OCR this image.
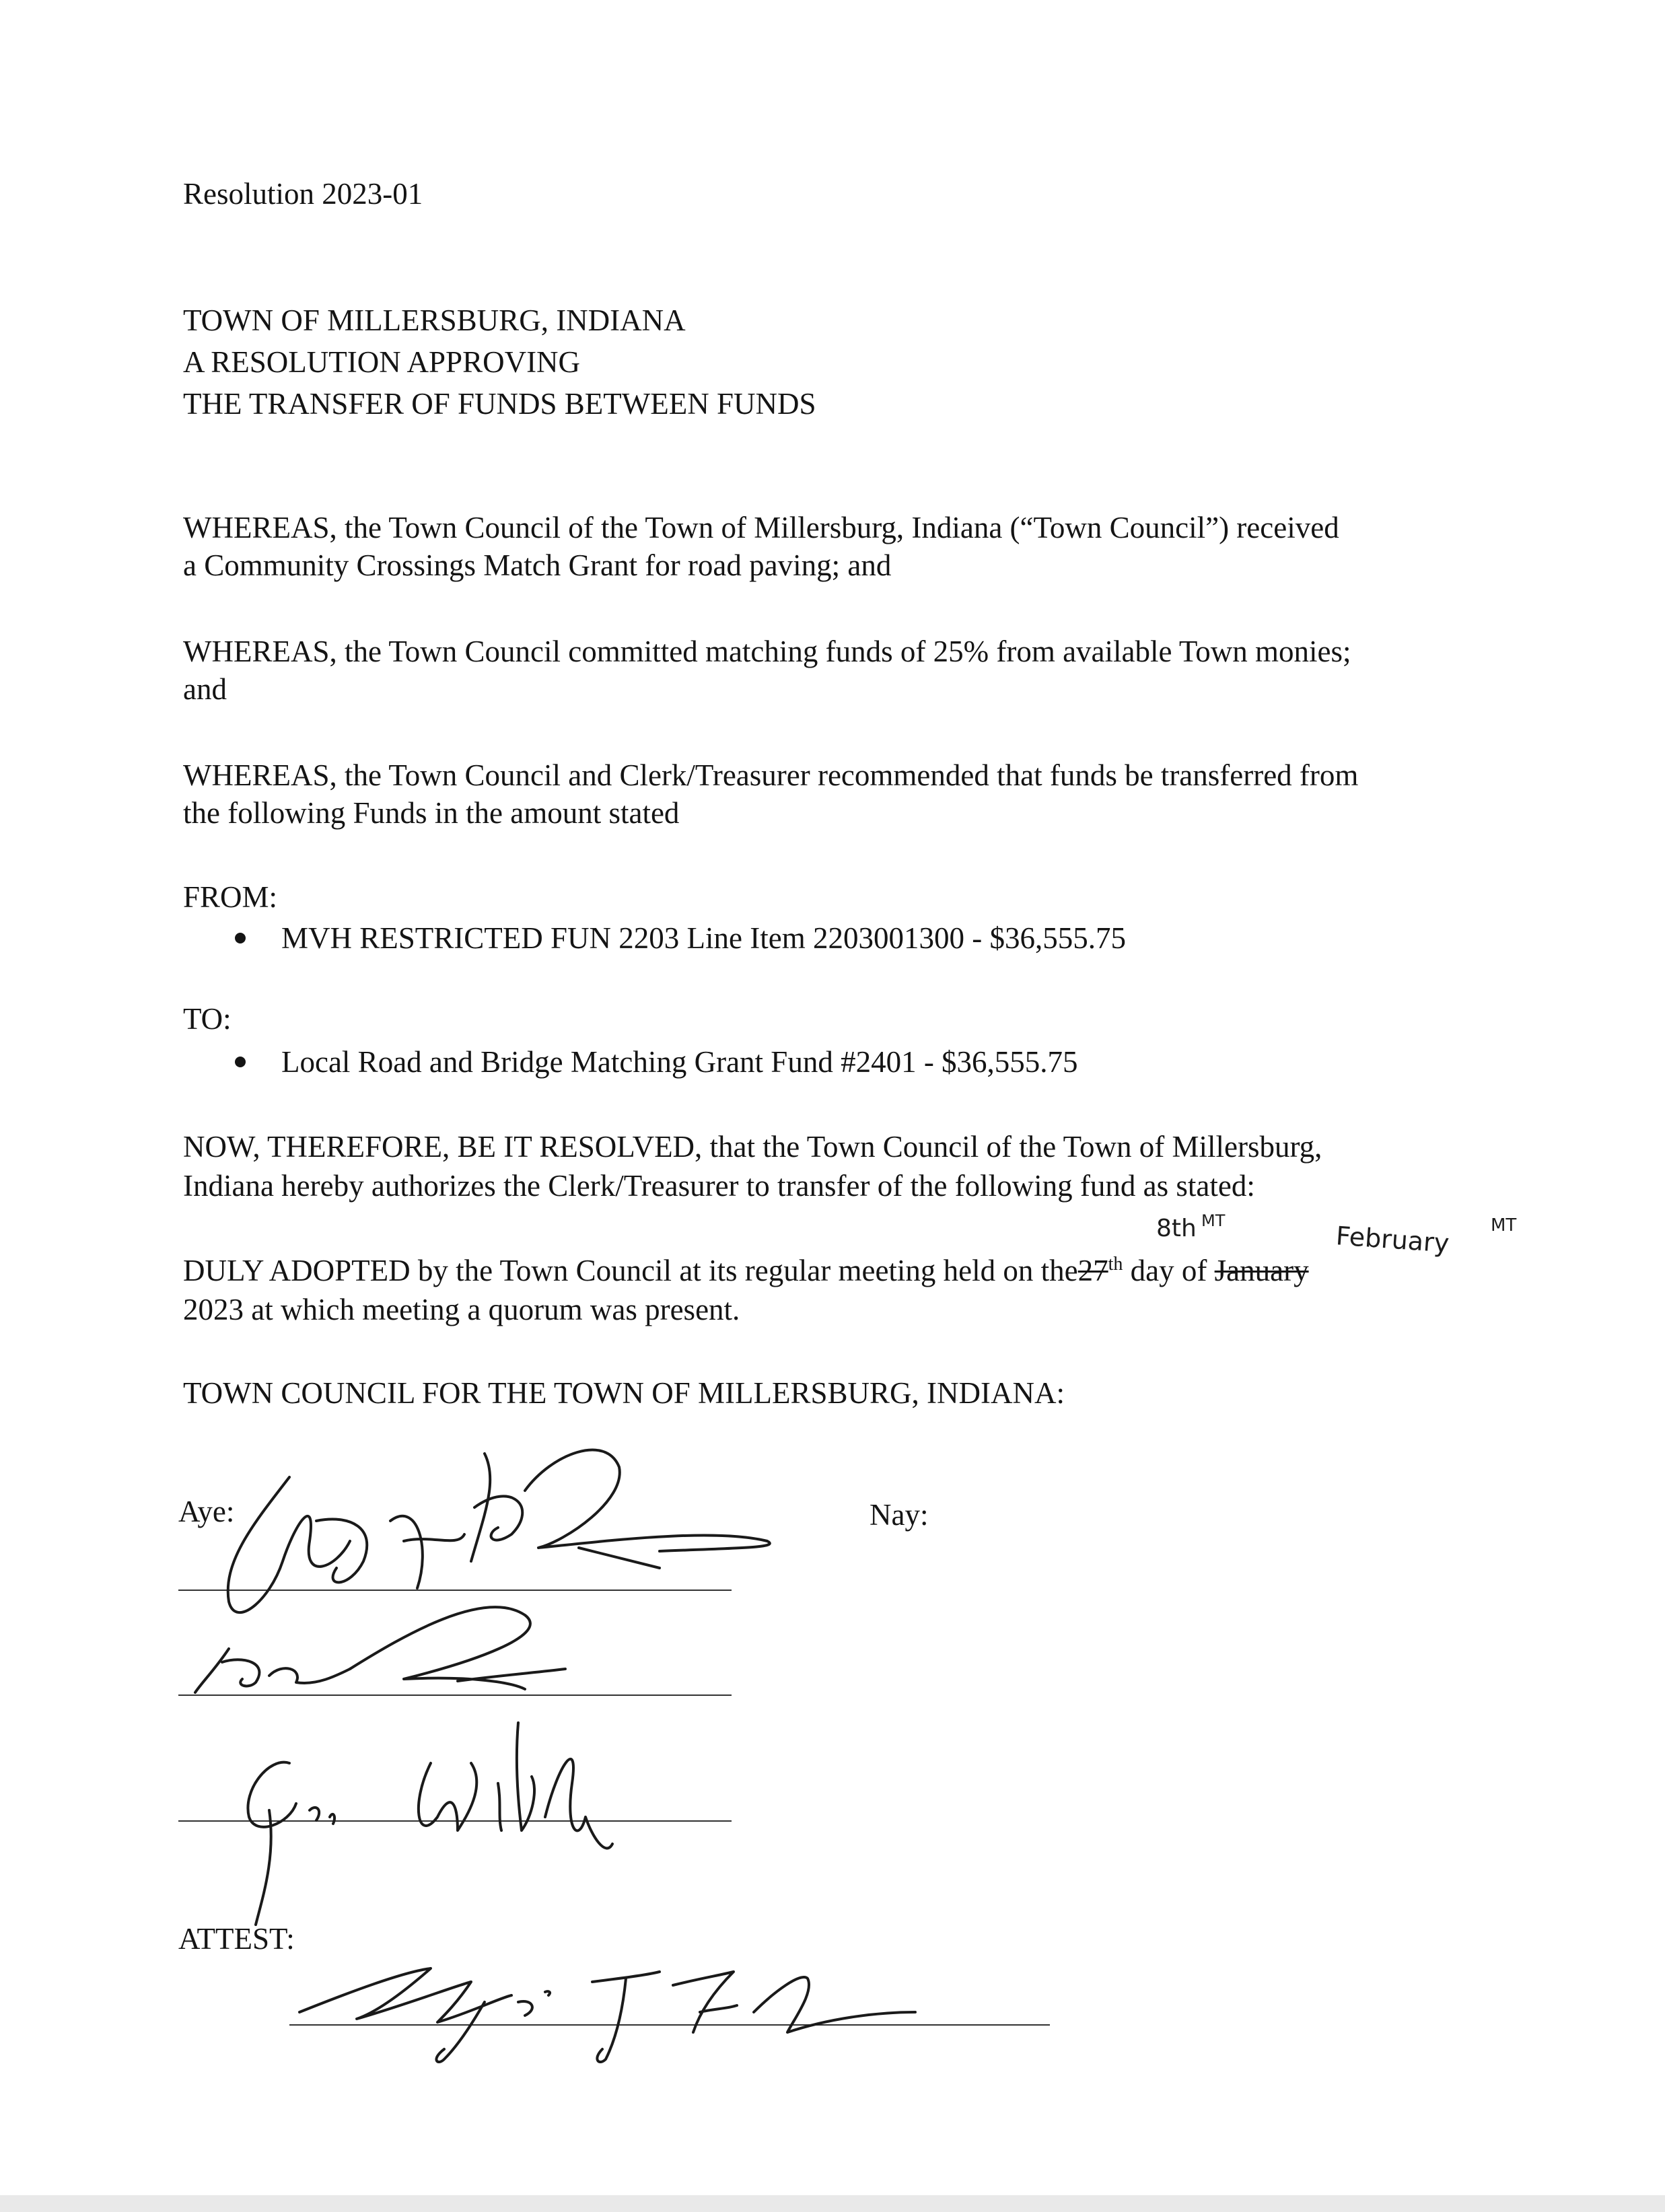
Resolution 2023-01
TOWN OF MILLERSBURG, INDIANA
A RESOLUTION APPROVING
THE TRANSFER OF FUNDS BETWEEN FUNDS
WHEREAS, the Town Council of the Town of Millersburg, Indiana (“Town Council”) received
a Community Crossings Match Grant for road paving; and
WHEREAS, the Town Council committed matching funds of 25% from available Town monies;
and
WHEREAS, the Town Council and Clerk/Treasurer recommended that funds be transferred from
the following Funds in the amount stated
FROM:
MVH RESTRICTED FUN 2203 Line Item 2203001300 - $36,555.75
TO:
Local Road and Bridge Matching Grant Fund #2401 - $36,555.75
NOW, THEREFORE, BE IT RESOLVED, that the Town Council of the Town of Millersburg,
Indiana hereby authorizes the Clerk/Treasurer to transfer of the following fund as stated:
8th MT
February MT
DULY ADOPTED by the Town Council at its regular meeting held on the27th day of January
2023 at which meeting a quorum was present.
TOWN COUNCIL FOR THE TOWN OF MILLERSBURG, INDIANA:
Aye:	Nay:
ATTEST:
